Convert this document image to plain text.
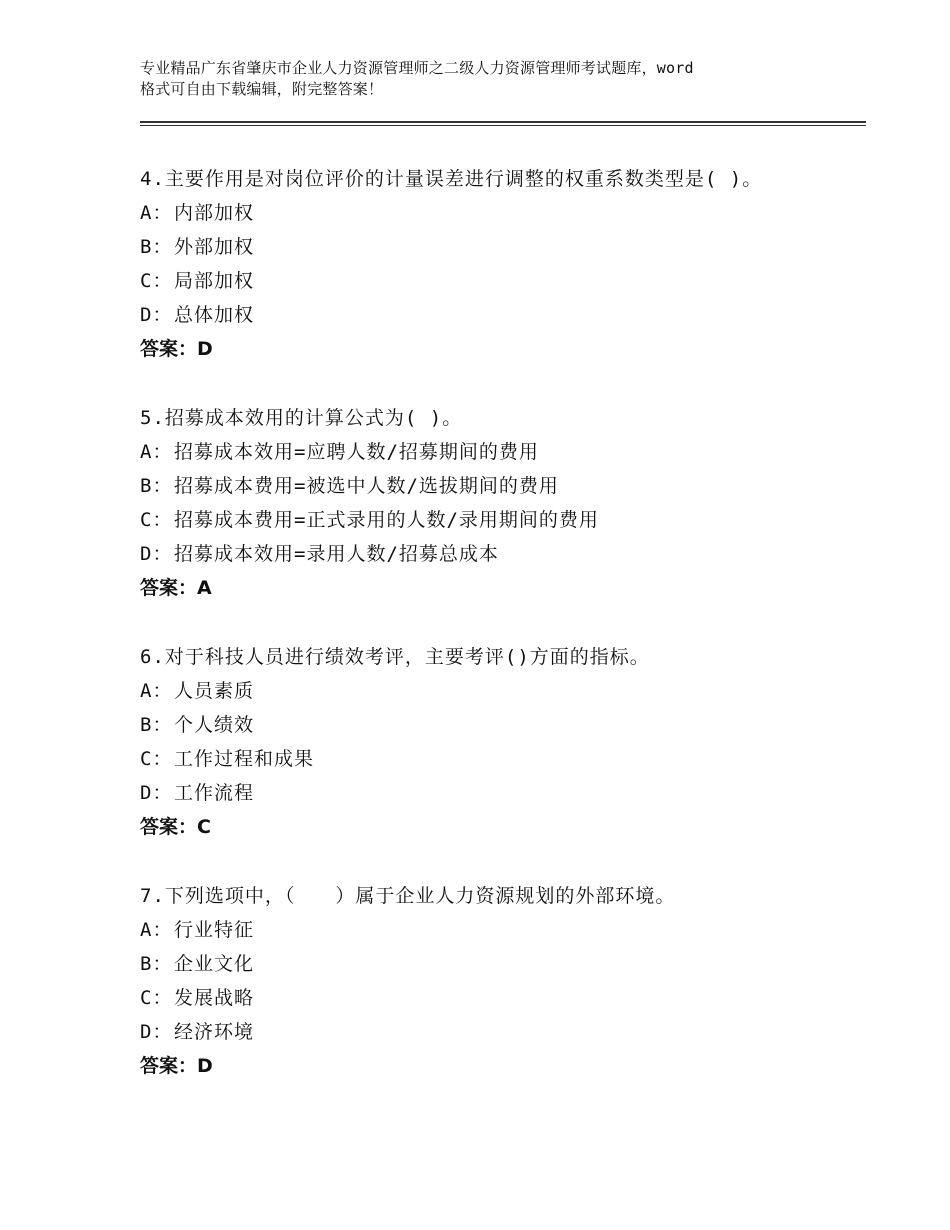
专业精品广东省肇庆市企业人力资源管理师之二级人力资源管理师考试题库，word
格式可自由下载编辑，附完整答案！
4.主要作用是对岗位评价的计量误差进行调整的权重系数类型是( )。
A：内部加权
B：外部加权
C：局部加权
D：总体加权
答案：D
5.招募成本效用的计算公式为( )。
A：招募成本效用=应聘人数/招募期间的费用
B：招募成本费用=被选中人数/选拔期间的费用
C：招募成本费用=正式录用的人数/录用期间的费用
D：招募成本效用=录用人数/招募总成本
答案：A
6.对于科技人员进行绩效考评，主要考评()方面的指标。
A：人员素质
B：个人绩效
C：工作过程和成果
D：工作流程
答案：C
7.下列选项中，（　　）属于企业人力资源规划的外部环境。
A：行业特征
B：企业文化
C：发展战略
D：经济环境
答案：D
